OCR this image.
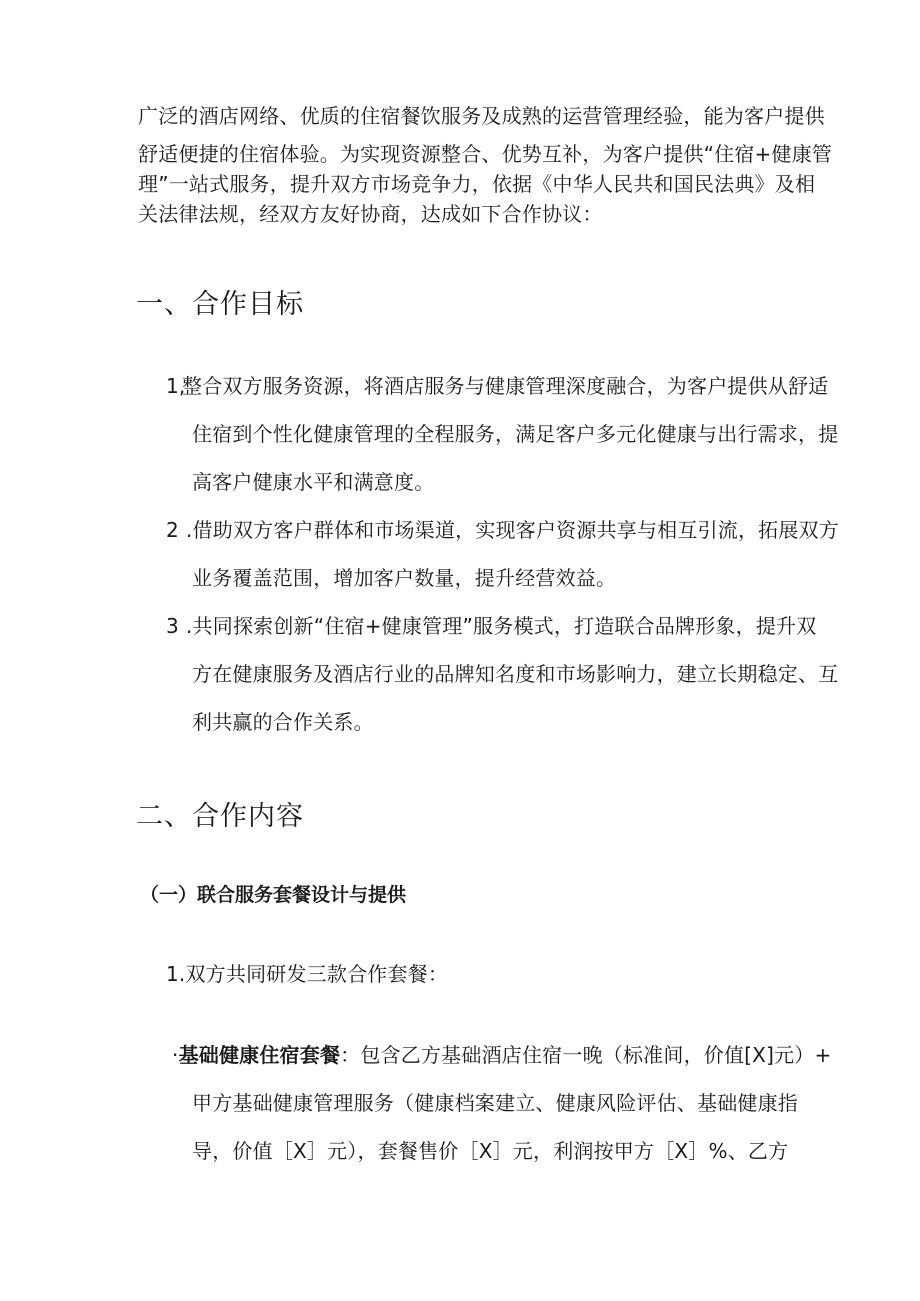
广泛的酒店网络、优质的住宿餐饮服务及成熟的运营管理经验，能为客户提供
舒适便捷的住宿体验。为实现资源整合、优势互补，为客户提供“住宿+健康管
理”一站式服务，提升双方市场竞争力，依据《中华人民共和国民法典》及相
关法律法规，经双方友好协商，达成如下合作协议：
一、合作目标
1,
整合双方服务资源，将酒店服务与健康管理深度融合，为客户提供从舒适
住宿到个性化健康管理的全程服务，满足客户多元化健康与出行需求，提
高客户健康水平和满意度。
2 .借助双方客户群体和市场渠道，实现客户资源共享与相互引流，拓展双方
业务覆盖范围，增加客户数量，提升经营效益。
3 .共同探索创新“住宿+健康管理”服务模式，打造联合品牌形象，提升双
方在健康服务及酒店行业的品牌知名度和市场影响力，建立长期稳定、互
利共赢的合作关系。
二、合作内容
（一）联合服务套餐设计与提供
1.双方共同研发三款合作套餐：
·基础健康住宿套餐：包含乙方基础酒店住宿一晚（标准间，价值[X]元）+
甲方基础健康管理服务（健康档案建立、健康风险评估、基础健康指
导，价值［X］元），套餐售价［X］元，利润按甲方［X］%、乙方
